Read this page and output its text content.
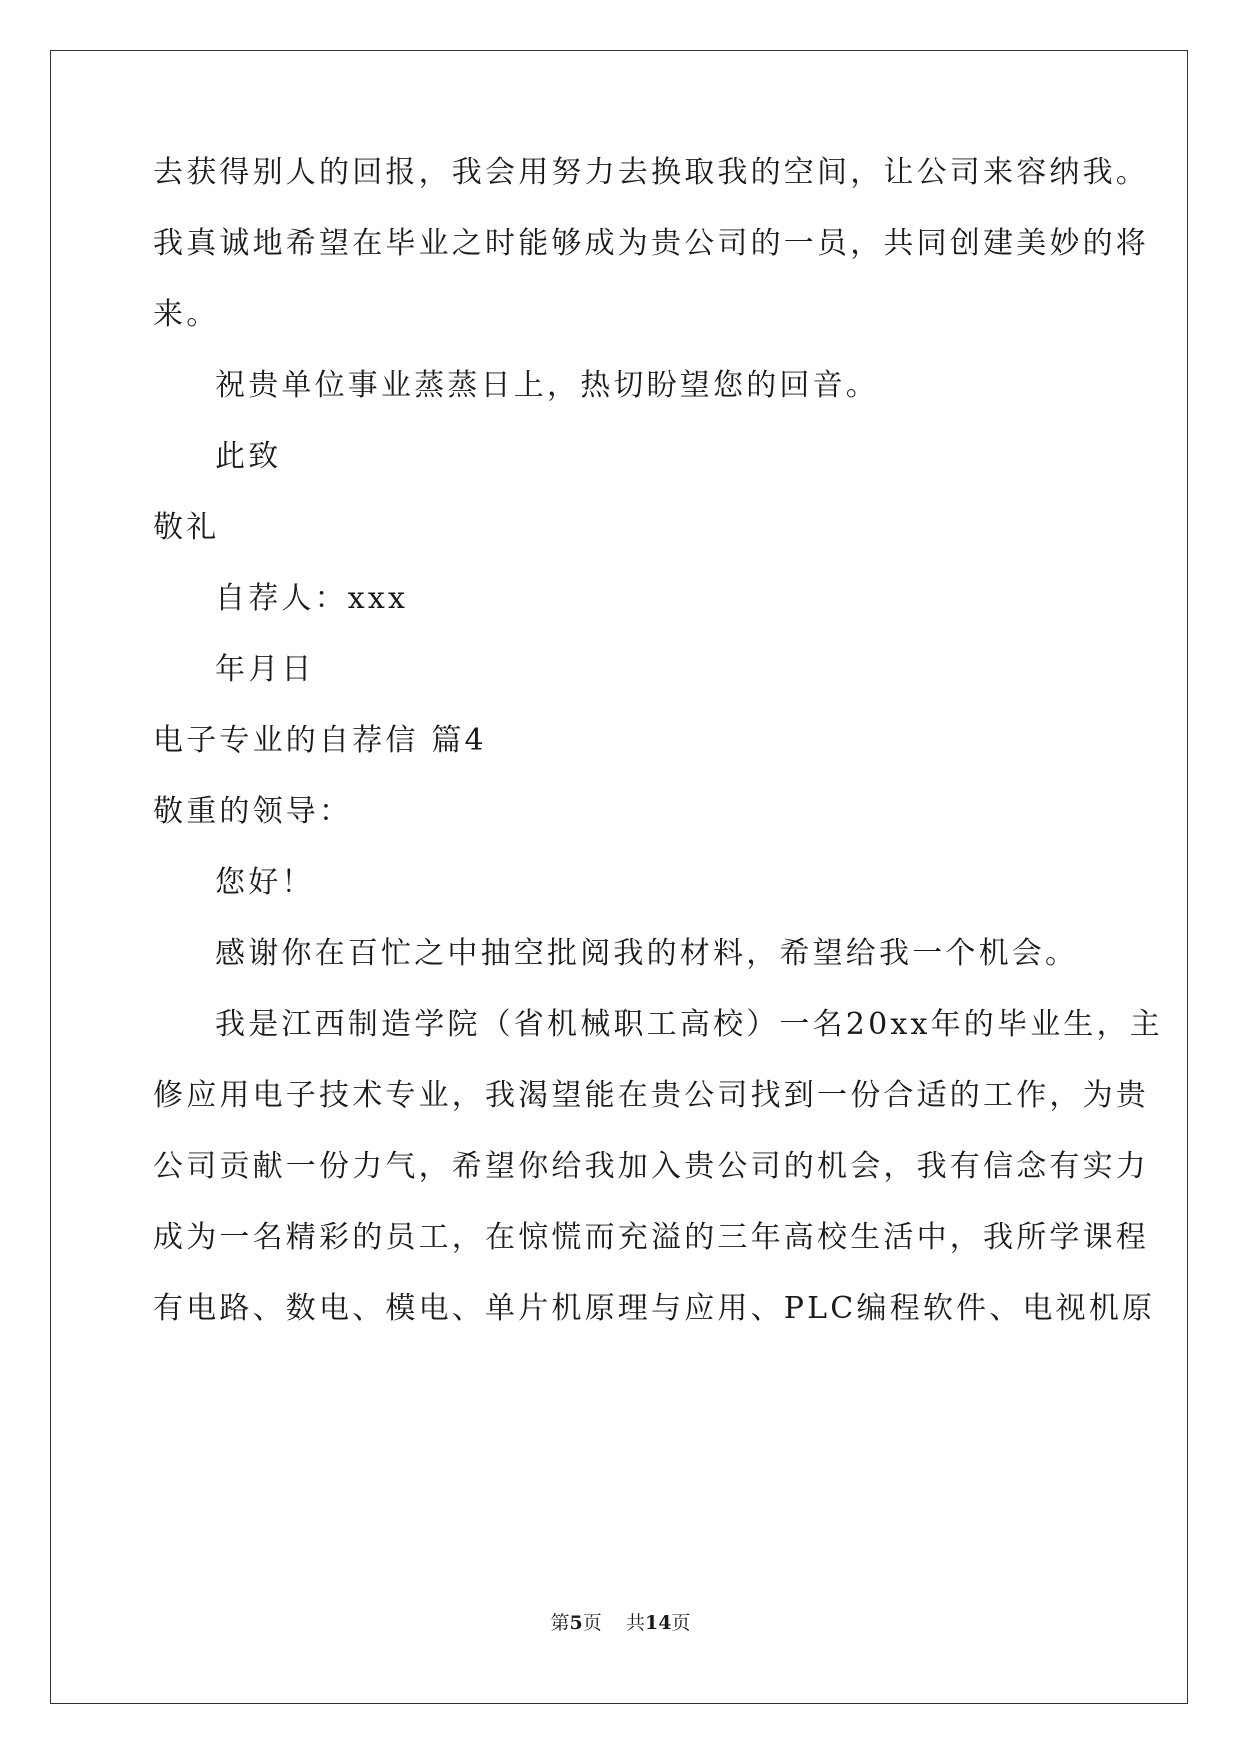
去获得别人的回报，我会用努力去换取我的空间，让公司来容纳我。
我真诚地希望在毕业之时能够成为贵公司的一员，共同创建美妙的将
来。
祝贵单位事业蒸蒸日上，热切盼望您的回音。
此致
敬礼
自荐人：xxx
年月日
电子专业的自荐信 篇4
敬重的领导：
您好！
感谢你在百忙之中抽空批阅我的材料，希望给我一个机会。
我是江西制造学院（省机械职工高校）一名20xx年的毕业生，主
修应用电子技术专业，我渴望能在贵公司找到一份合适的工作，为贵
公司贡献一份力气，希望你给我加入贵公司的机会，我有信念有实力
成为一名精彩的员工，在惊慌而充溢的三年高校生活中，我所学课程
有电路、数电、模电、单片机原理与应用、PLC编程软件、电视机原
第5页 共14页
